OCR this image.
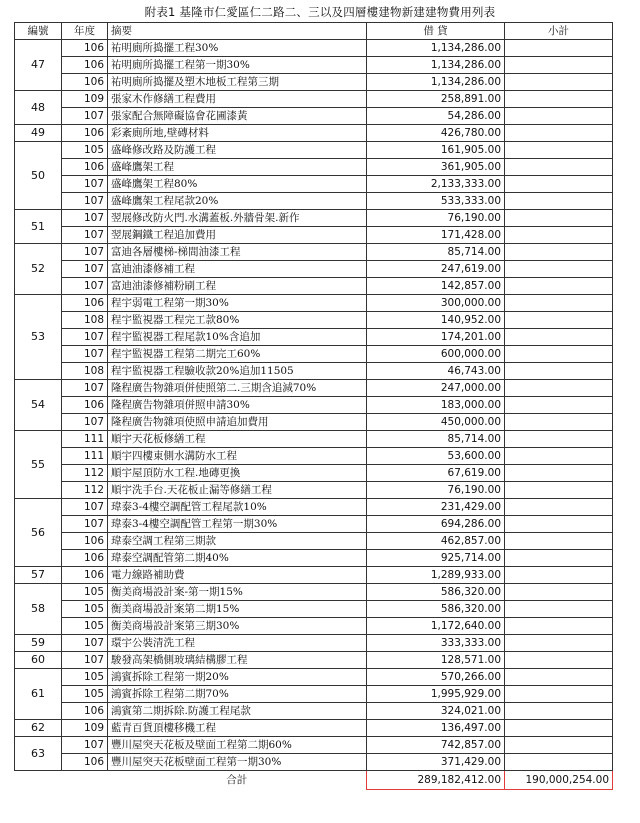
附表1 基隆市仁愛區仁二路二、三以及四層樓建物新建建物費用列表
編號	年度	摘要	借 貸	小計
47	106	祐明廁所捣擺工程30%	1,134,286.00	
	106	祐明廁所捣擺工程第一期30%	1,134,286.00	
	106	祐明廁所捣擺及塑木地板工程第三期	1,134,286.00	
48	109	張家木作修繕工程費用	258,891.00	
	107	張家配合無障礙協會花圃漆黃	54,286.00	
49	106	彩紊廁所地,壁磚材料	426,780.00	
50	105	盛峰修改路及防護工程	161,905.00	
	106	盛峰鷹架工程	361,905.00	
	107	盛峰鷹架工程80%	2,133,333.00	
	107	盛峰鷹架工程尾款20%	533,333.00	
51	107	翌展修改防火門.水溝蓋板.外牆骨架.新作	76,190.00	
	107	翌展鋼鐵工程追加費用	171,428.00	
52	107	富迪各層樓梯-梯間油漆工程	85,714.00	
	107	富迪油漆修補工程	247,619.00	
	107	富迪油漆修補粉刷工程	142,857.00	
53	106	程宇弱電工程第一期30%	300,000.00	
	108	程宇監視器工程完工款80%	140,952.00	
	107	程宇監視器工程尾款10%含追加	174,201.00	
	107	程宇監視器工程第二期完工60%	600,000.00	
	108	程宇監視器工程驗收款20%追加11505	46,743.00	
54	107	隆程廣告物雜項併使照第二.三期含追減70%	247,000.00	
	106	隆程廣告物雜項併照申請30%	183,000.00	
	107	隆程廣告物雜項使照申請追加費用	450,000.00	
55	111	順宇天花板修繕工程	85,714.00	
	111	順宇四樓東側水溝防水工程	53,600.00	
	112	順宇屋頂防水工程.地磚更換	67,619.00	
	112	順宇洗手台.天花板止漏等修繕工程	76,190.00	
56	107	瑋泰3-4樓空調配管工程尾款10%	231,429.00	
	107	瑋泰3-4樓空調配管工程第一期30%	694,286.00	
	106	瑋泰空調工程第三期款	462,857.00	
	106	瑋泰空調配管第二期40%	925,714.00	
57	106	電力線路補助費	1,289,933.00	
58	105	衡美商場設計案-第一期15%	586,320.00	
	105	衡美商場設計案第二期15%	586,320.00	
	105	衡美商場設計案第三期30%	1,172,640.00	
59	107	環宇公裝清洗工程	333,333.00	
60	107	駿發高架橋側玻璃結構膠工程	128,571.00	
61	105	鴻賓拆除工程第一期20%	570,266.00	
	105	鴻賓拆除工程第二期70%	1,995,929.00	
	106	鴻賓第二期拆除.防護工程尾款	324,021.00	
62	109	藍青百貨頂樓移機工程	136,497.00	
63	107	豐川屋突天花板及壁面工程第二期60%	742,857.00	
	106	豐川屋突天花板壁面工程第一期30%	371,429.00	
		合計	289,182,412.00	190,000,254.00
